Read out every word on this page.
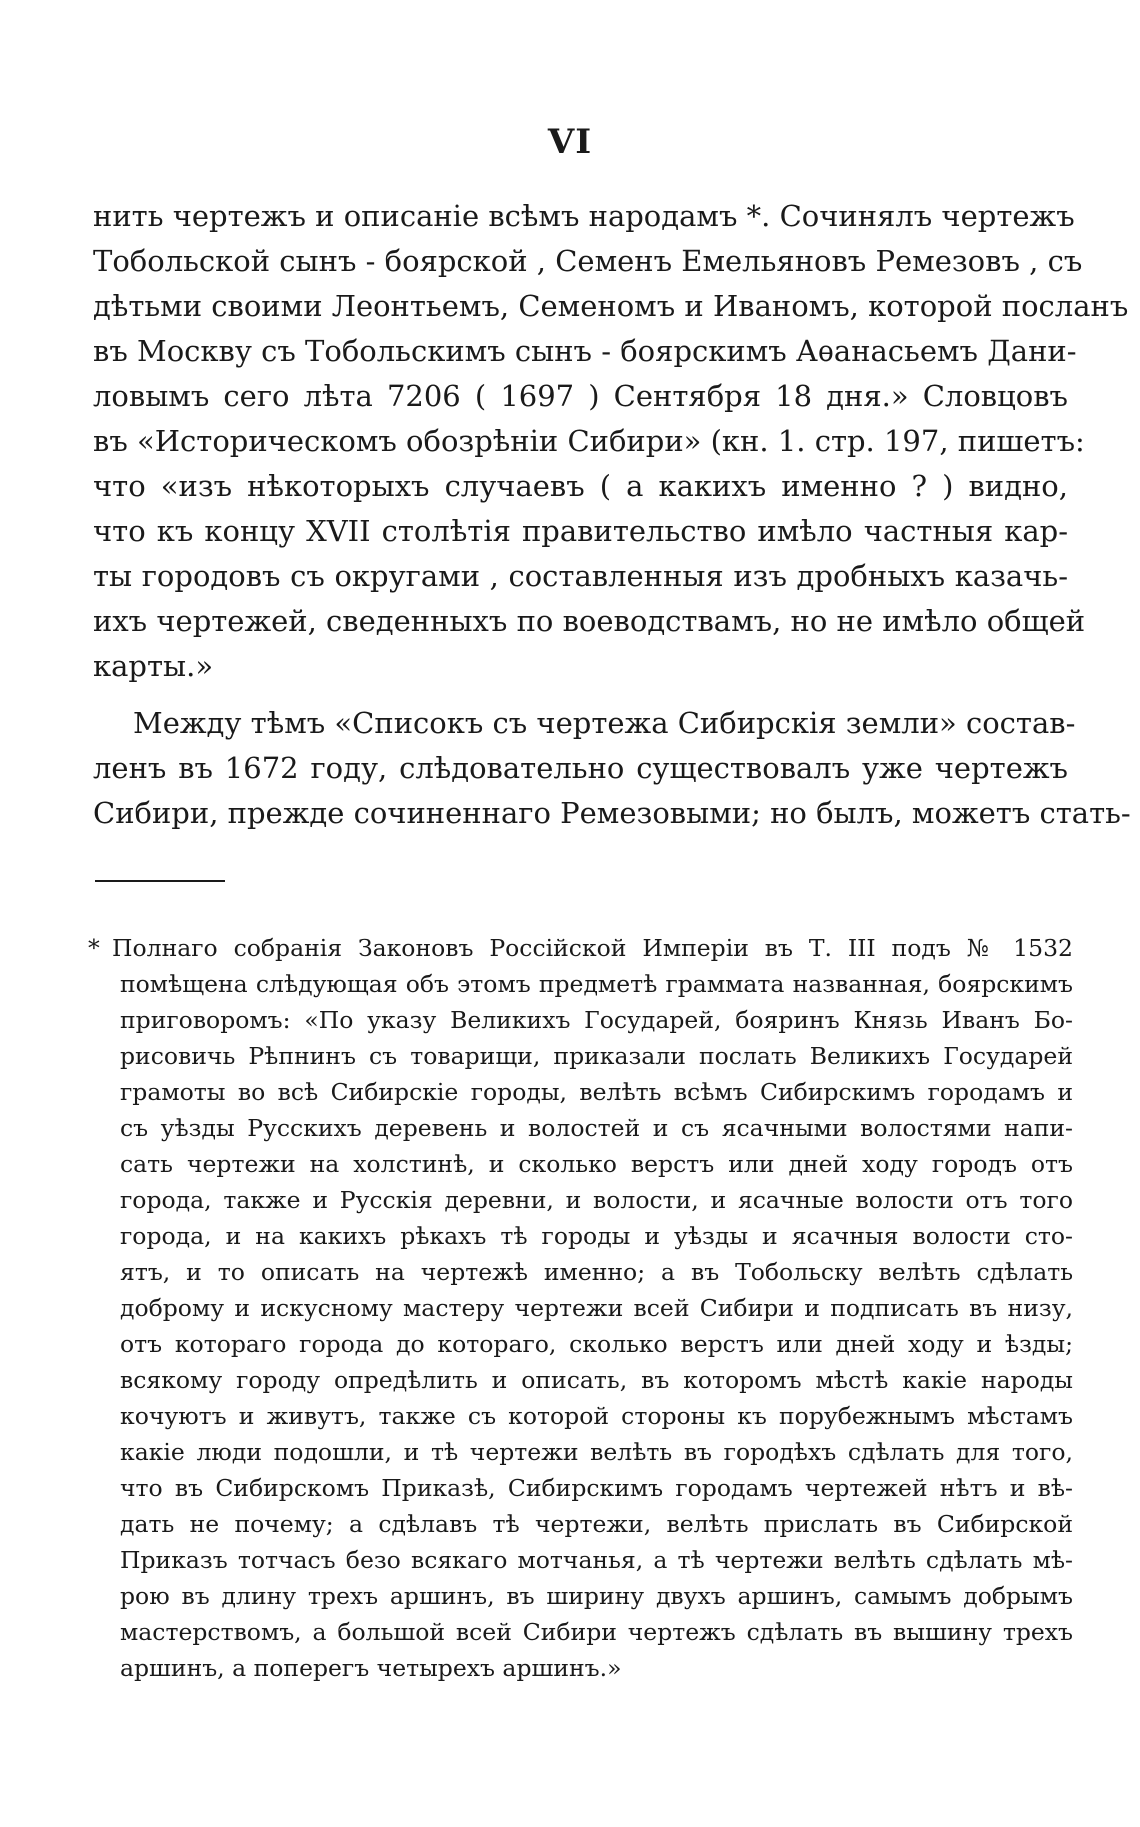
VI
нить чертежъ и описаніе всѣмъ народамъ *. Сочинялъ чертежъ
Тобольской сынъ - боярской , Семенъ Емельяновъ Ремезовъ , съ
дѣтьми своими Леонтьемъ, Семеномъ и Иваномъ, которой посланъ
въ Москву съ Тобольскимъ сынъ - боярскимъ Аѳанасьемъ Дани-
ловымъ сего лѣта 7206 ( 1697 ) Сентября 18 дня.» Словцовъ
въ «Историческомъ обозрѣніи Сибири» (кн. 1. стр. 197, пишетъ:
что «изъ нѣкоторыхъ случаевъ ( а какихъ именно ? ) видно,
что къ концу XVII столѣтія правительство имѣло частныя кар-
ты городовъ съ округами , составленныя изъ дробныхъ казачь-
ихъ чертежей, сведенныхъ по воеводствамъ, но не имѣло общей
карты.»
Между тѣмъ «Списокъ съ чертежа Сибирскія земли» состав-
ленъ въ 1672 году, слѣдовательно существовалъ уже чертежъ
Сибири, прежде сочиненнаго Ремезовыми; но былъ, можетъ стать-
* Полнаго собранія Законовъ Россійской Имперіи въ Т. III подъ № 1532
помѣщена слѣдующая объ этомъ предметѣ граммата названная, боярскимъ
приговоромъ: «По указу Великихъ Государей, бояринъ Князь Иванъ Бо-
рисовичь Рѣпнинъ съ товарищи, приказали послать Великихъ Государей
грамоты во всѣ Сибирскіе городы, велѣть всѣмъ Сибирскимъ городамъ и
съ уѣзды Русскихъ деревень и волостей и съ ясачными волостями напи-
сать чертежи на холстинѣ, и сколько верстъ или дней ходу городъ отъ
города, также и Русскія деревни, и волости, и ясачные волости отъ того
города, и на какихъ рѣкахъ тѣ городы и уѣзды и ясачныя волости сто-
ятъ, и то описать на чертежѣ именно; а въ Тобольску велѣть сдѣлать
доброму и искусному мастеру чертежи всей Сибири и подписать въ низу,
отъ котораго города до котораго, сколько верстъ или дней ходу и ѣзды;
всякому городу опредѣлить и описать, въ которомъ мѣстѣ какіе народы
кочуютъ и живутъ, также съ которой стороны къ порубежнымъ мѣстамъ
какіе люди подошли, и тѣ чертежи велѣть въ городѣхъ сдѣлать для того,
что въ Сибирскомъ Приказѣ, Сибирскимъ городамъ чертежей нѣтъ и вѣ-
дать не почему; а сдѣлавъ тѣ чертежи, велѣть прислать въ Сибирской
Приказъ тотчасъ безо всякаго мотчанья, а тѣ чертежи велѣть сдѣлать мѣ-
рою въ длину трехъ аршинъ, въ ширину двухъ аршинъ, самымъ добрымъ
мастерствомъ, а большой всей Сибири чертежъ сдѣлать въ вышину трехъ
аршинъ, а поперегъ четырехъ аршинъ.»
